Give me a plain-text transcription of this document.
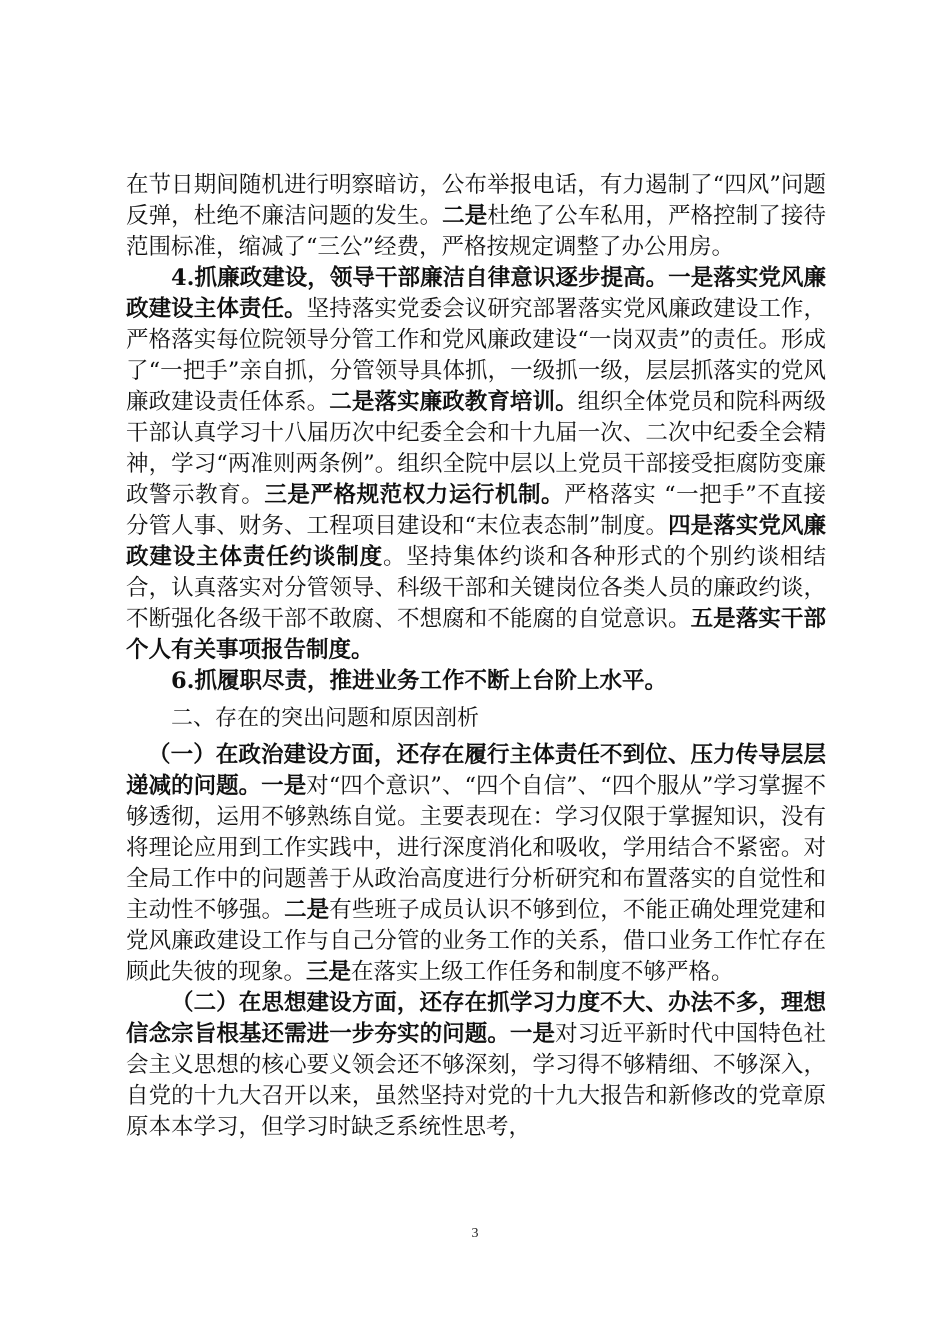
在节日期间随机进行明察暗访，公布举报电话，有力遏制了“四风”问题反弹，杜绝不廉洁问题的发生。二是杜绝了公车私用，严格控制了接待范围标准，缩减了“三公”经费，严格按规定调整了办公用房。

4.抓廉政建设，领导干部廉洁自律意识逐步提高。一是落实党风廉政建设主体责任。坚持落实党委会议研究部署落实党风廉政建设工作，严格落实每位院领导分管工作和党风廉政建设“一岗双责”的责任。形成了“一把手”亲自抓，分管领导具体抓，一级抓一级，层层抓落实的党风廉政建设责任体系。二是落实廉政教育培训。组织全体党员和院科两级干部认真学习十八届历次中纪委全会和十九届一次、二次中纪委全会精神，学习“两准则两条例”。组织全院中层以上党员干部接受拒腐防变廉政警示教育。三是严格规范权力运行机制。严格落实 “一把手”不直接分管人事、财务、工程项目建设和“末位表态制”制度。四是落实党风廉政建设主体责任约谈制度。坚持集体约谈和各种形式的个别约谈相结合，认真落实对分管领导、科级干部和关键岗位各类人员的廉政约谈，不断强化各级干部不敢腐、不想腐和不能腐的自觉意识。五是落实干部个人有关事项报告制度。

6.抓履职尽责，推进业务工作不断上台阶上水平。

二、存在的突出问题和原因剖析

（一）在政治建设方面，还存在履行主体责任不到位、压力传导层层递减的问题。一是对“四个意识”、“四个自信”、“四个服从”学习掌握不够透彻，运用不够熟练自觉。主要表现在：学习仅限于掌握知识，没有将理论应用到工作实践中，进行深度消化和吸收，学用结合不紧密。对全局工作中的问题善于从政治高度进行分析研究和布置落实的自觉性和主动性不够强。二是有些班子成员认识不够到位，不能正确处理党建和党风廉政建设工作与自己分管的业务工作的关系，借口业务工作忙存在顾此失彼的现象。三是在落实上级工作任务和制度不够严格。

（二）在思想建设方面，还存在抓学习力度不大、办法不多，理想信念宗旨根基还需进一步夯实的问题。一是对习近平新时代中国特色社会主义思想的核心要义领会还不够深刻，学习得不够精细、不够深入，自党的十九大召开以来，虽然坚持对党的十九大报告和新修改的党章原原本本学习，但学习时缺乏系统性思考，

3
